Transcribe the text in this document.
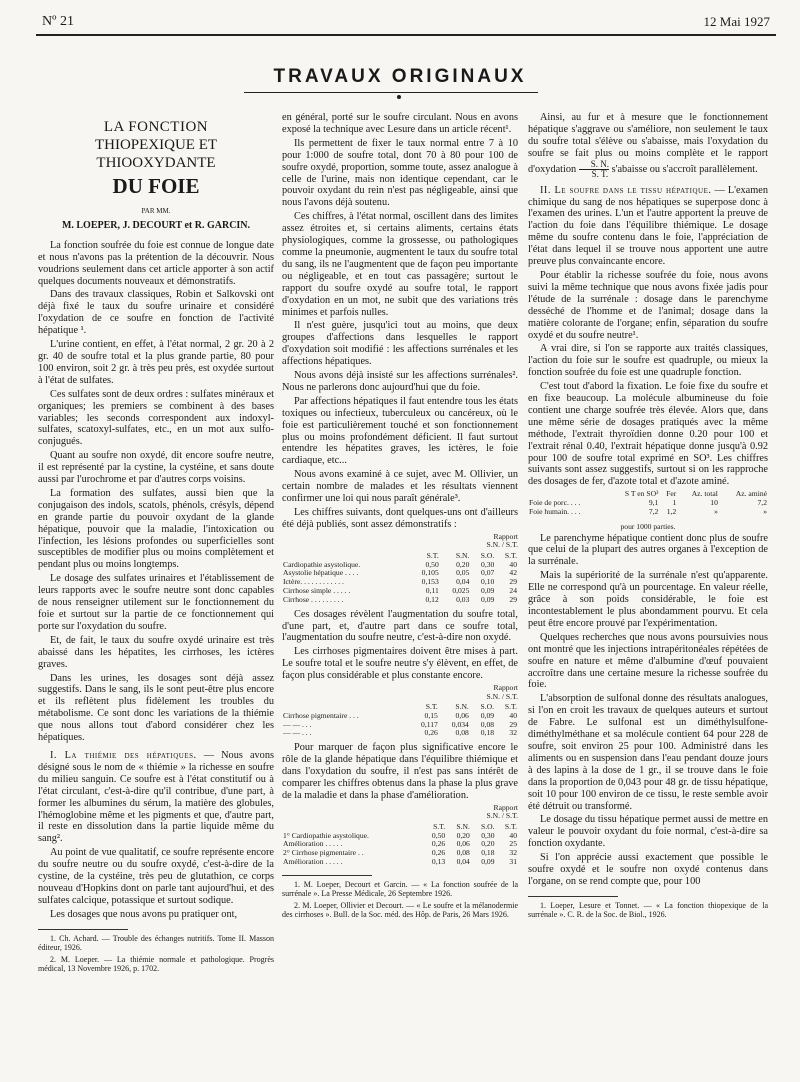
Nº 21	12 Mai 1927
TRAVAUX ORIGINAUX
LA FONCTION
THIOPEXIQUE ET THIOOXYDANTE
DU FOIE
PAR MM.
M. LOEPER, J. DECOURT et R. GARCIN.

La fonction soufrée du foie est connue de longue date et nous n'avons pas la prétention de la découvrir. Nous voudrions seulement dans cet article apporter à son actif quelques documents nouveaux et démonstratifs.

Dans des travaux classiques, Robin et Salkovski ont déjà fixé le taux du soufre urinaire et considéré l'oxydation de ce soufre en fonction de l'activité hépatique ¹.

L'urine contient, en effet, à l'état normal, 2 gr. 20 à 2 gr. 40 de soufre total et la plus grande partie, 80 pour 100 environ, soit 2 gr. à très peu près, est oxydée surtout à l'état de sulfates.

Ces sulfates sont de deux ordres : sulfates minéraux et organiques; les premiers se combinent à des bases variables; les seconds correspondent aux indoxyl-sulfates, scatoxyl-sulfates, etc., en un mot aux sulfo-conjugués.

Quant au soufre non oxydé, dit encore soufre neutre, il est représenté par la cystine, la cystéine, et sans doute aussi par l'urochrome et par d'autres corps voisins.

La formation des sulfates, aussi bien que la conjugaison des indols, scatols, phénols, crésyls, dépend en grande partie du pouvoir oxydant de la glande hépatique, pouvoir que la maladie, l'intoxication ou l'infection, les lésions profondes ou superficielles sont susceptibles de modifier plus ou moins complètement et pendant plus ou moins longtemps.

Le dosage des sulfates urinaires et l'établissement de leurs rapports avec le soufre neutre sont donc capables de nous renseigner utilement sur le fonctionnement du foie et surtout sur la partie de ce fonctionnement qui porte sur l'oxydation du soufre.

Et, de fait, le taux du soufre oxydé urinaire est très abaissé dans les hépatites, les cirrhoses, les ictères graves.

Dans les urines, les dosages sont déjà assez suggestifs. Dans le sang, ils le sont peut-être plus encore et ils reflètent plus fidèlement les troubles du métabolisme. Ce sont donc les variations de la thiémie que nous allons tout d'abord considérer chez les hépatiques.

I. La thiémie des hépatiques. — Nous avons désigné sous le nom de « thiémie » la richesse en soufre du milieu sanguin. Ce soufre est à l'état constitutif ou à l'état circulant, c'est-à-dire qu'il contribue, d'une part, à former les albumines du sérum, la matière des globules, l'hémoglobine même et les pigments et que, d'autre part, il reste en dissolution dans la partie liquide même du sang².

Au point de vue qualitatif, ce soufre représente encore du soufre neutre ou du soufre oxydé, c'est-à-dire de la cystine, de la cystéine, très peu de glutathion, ce corps nouveau d'Hopkins dont on parle tant aujourd'hui, et des sulfates calcique, potassique et surtout sodique.

Les dosages que nous avons pu pratiquer ont,

1. Ch. Achard. — Trouble des échanges nutritifs. Tome II. Masson éditeur, 1926.

2. M. Loeper. — La thiémie normale et pathologique. Progrès médical, 13 Novembre 1926, p. 1702.

en général, porté sur le soufre circulant. Nous en avons exposé la technique avec Lesure dans un article récent¹.

Ils permettent de fixer le taux normal entre 7 à 10 pour 1:000 de soufre total, dont 70 à 80 pour 100 de soufre oxydé, proportion, somme toute, assez analogue à celle de l'urine, mais non identique cependant, car le pouvoir oxydant du rein n'est pas négligeable, ainsi que nous l'avons déjà soutenu.

Ces chiffres, à l'état normal, oscillent dans des limites assez étroites et, si certains aliments, certains états physiologiques, comme la grossesse, ou pathologiques comme la pneumonie, augmentent le taux du soufre total du sang, ils ne l'augmentent que de façon peu importante ou négligeable, et en tout cas passagère; surtout le rapport du soufre oxydé au soufre total, le rapport d'oxydation en un mot, ne subit que des variations très minimes et parfois nulles.

Il n'est guère, jusqu'ici tout au moins, que deux groupes d'affections dans lesquelles le rapport d'oxydation soit modifié : les affections surrénales et les affections hépatiques.

Nous avons déjà insisté sur les affections surrénales². Nous ne parlerons donc aujourd'hui que du foie.

Par affections hépatiques il faut entendre tous les états toxiques ou infectieux, tuberculeux ou cancéreux, où le foie est particulièrement touché et son fonctionnement plus ou moins profondément déficient. Il faut surtout entendre les hépatites graves, les ictères, le foie cardiaque, etc...

Nous avons examiné à ce sujet, avec M. Ollivier, un certain nombre de malades et les résultats viennent confirmer une loi qui nous paraît générale³.

Les chiffres suivants, dont quelques-uns ont d'ailleurs été déjà publiés, sont assez démonstratifs :

Rapport
S.N. / S.T.
	S.T.	S.N.	S.O.	S.T.
Cardiopathie asystolique.	0,50	0,20	0,30	40
Asystolie hépatique . . . .	0,105	0,05	0,07	42
Ictère. . . . . . . . . . . .	0,153	0,04	0,10	29
Cirrhose simple . . . . .	0,11	0,025	0,09	24
Cirrhose . . . . . . . . .	0,12	0,03	0,09	29

Ces dosages révèlent l'augmentation du soufre total, d'une part, et, d'autre part dans ce soufre total, l'augmentation du soufre neutre, c'est-à-dire non oxydé.

Les cirrhoses pigmentaires doivent être mises à part. Le soufre total et le soufre neutre s'y élèvent, en effet, de façon plus considérable et plus constante encore.

Rapport
S.N. / S.T.
	S.T.	S.N.	S.O.	S.T.
Cirrhose pigmentaire . . .	0,15	0,06	0,09	40
— — . . .	0,117	0,034	0,08	29
— — . . .	0,26	0,08	0,18	32

Pour marquer de façon plus significative encore le rôle de la glande hépatique dans l'équilibre thiémique et dans l'oxydation du soufre, il n'est pas sans intérêt de comparer les chiffres obtenus dans la phase la plus grave de la maladie et dans la phase d'amélioration.

Rapport
S.N. / S.T.
	S.T.	S.N.	S.O.	S.T.
1° Cardiopathie asystolique.	0,50	0,20	0,30	40
Amélioration . . . . .	0,26	0,06	0,20	25
2° Cirrhose pigmentaire . .	0,26	0,08	0,18	32
Amélioration . . . . .	0,13	0,04	0,09	31

1. M. Loeper, Decourt et Garcin. — « La fonction soufrée de la surrénale ». La Presse Médicale, 26 Septembre 1926.

2. M. Loeper, Ollivier et Decourt. — « Le soufre et la mélanodermie des cirrhoses ». Bull. de la Soc. méd. des Hôp. de Paris, 26 Mars 1926.

Ainsi, au fur et à mesure que le fonctionnement hépatique s'aggrave ou s'améliore, non seulement le taux du soufre total s'élève ou s'abaisse, mais l'oxydation du soufre se fait plus ou moins complète et le rapport d'oxydation $\frac{S. N.}{S. T.}$ s'abaisse ou s'accroît parallèlement.

II. Le soufre dans le tissu hépatique. — L'examen chimique du sang de nos hépatiques se superpose donc à l'examen des urines. L'un et l'autre apportent la preuve de l'action du foie dans l'équilibre thiémique. Le dosage même du soufre contenu dans le foie, l'appréciation de l'état dans lequel il se trouve nous apportent une autre preuve plus convaincante encore.

Pour établir la richesse soufrée du foie, nous avons suivi la même technique que nous avons fixée jadis pour l'étude de la surrénale : dosage dans le parenchyme desséché de l'homme et de l'animal; dosage dans la matière colorante de l'organe; enfin, séparation du soufre oxydé et du soufre neutre¹.

A vrai dire, si l'on se rapporte aux traités classiques, l'action du foie sur le soufre est quadruple, ou mieux la fonction soufrée du foie est une quadruple fonction.

C'est tout d'abord la fixation. Le foie fixe du soufre et en fixe beaucoup. La molécule albumineuse du foie contient une charge soufrée très élevée. Alors que, dans une même série de dosages pratiqués avec la même méthode, l'extrait thyroïdien donne 0.20 pour 100 et l'extrait rénal 0.40, l'extrait hépatique donne jusqu'à 0.92 pour 100 de soufre total exprimé en SO³. Les chiffres suivants sont assez suggestifs, surtout si on les rapproche des dosages de fer, d'azote total et d'azote aminé.

	S T en SO³	Fer	Az. total	Az. aminé
Foie de porc. . . .	9,1	1	10	7,2
Foie humain. . . .	7,2	1,2	»	»
pour 1000 parties.

Le parenchyme hépatique contient donc plus de soufre que celui de la plupart des autres organes à l'exception de la surrénale.

Mais la supériorité de la surrénale n'est qu'apparente. Elle ne correspond qu'à un pourcentage. En valeur réelle, grâce à son poids considérable, le foie est incontestablement le plus abondamment pourvu. Et cela peut être encore prouvé par l'expérimentation.

Quelques recherches que nous avons poursuivies nous ont montré que les injections intrapéritonéales répétées de soufre en nature et même d'albumine d'œuf pouvaient accroître dans une certaine mesure la richesse soufrée du foie.

L'absorption de sulfonal donne des résultats analogues, si l'on en croit les travaux de quelques auteurs et surtout de Fabre. Le sulfonal est un diméthylsulfone-diméthylméthane et sa molécule contient 64 pour 228 de soufre, soit environ 25 pour 100. Administré dans les aliments ou en suspension dans l'eau pendant douze jours à des lapins à la dose de 1 gr., il se trouve dans le foie dans la proportion de 0,043 pour 48 gr. de tissu hépatique, soit 10 pour 100 environ de ce tissu, le reste semble avoir été détruit ou transformé.

Le dosage du tissu hépatique permet aussi de mettre en valeur le pouvoir oxydant du foie normal, c'est-à-dire sa fonction oxydante.

Si l'on apprécie aussi exactement que possible le soufre oxydé et le soufre non oxydé contenus dans l'organe, on se rend compte que, pour 100

1. Loeper, Lesure et Tonnet. — « La fonction thiopexique de la surrénale ». C. R. de la Soc. de Biol., 1926.
